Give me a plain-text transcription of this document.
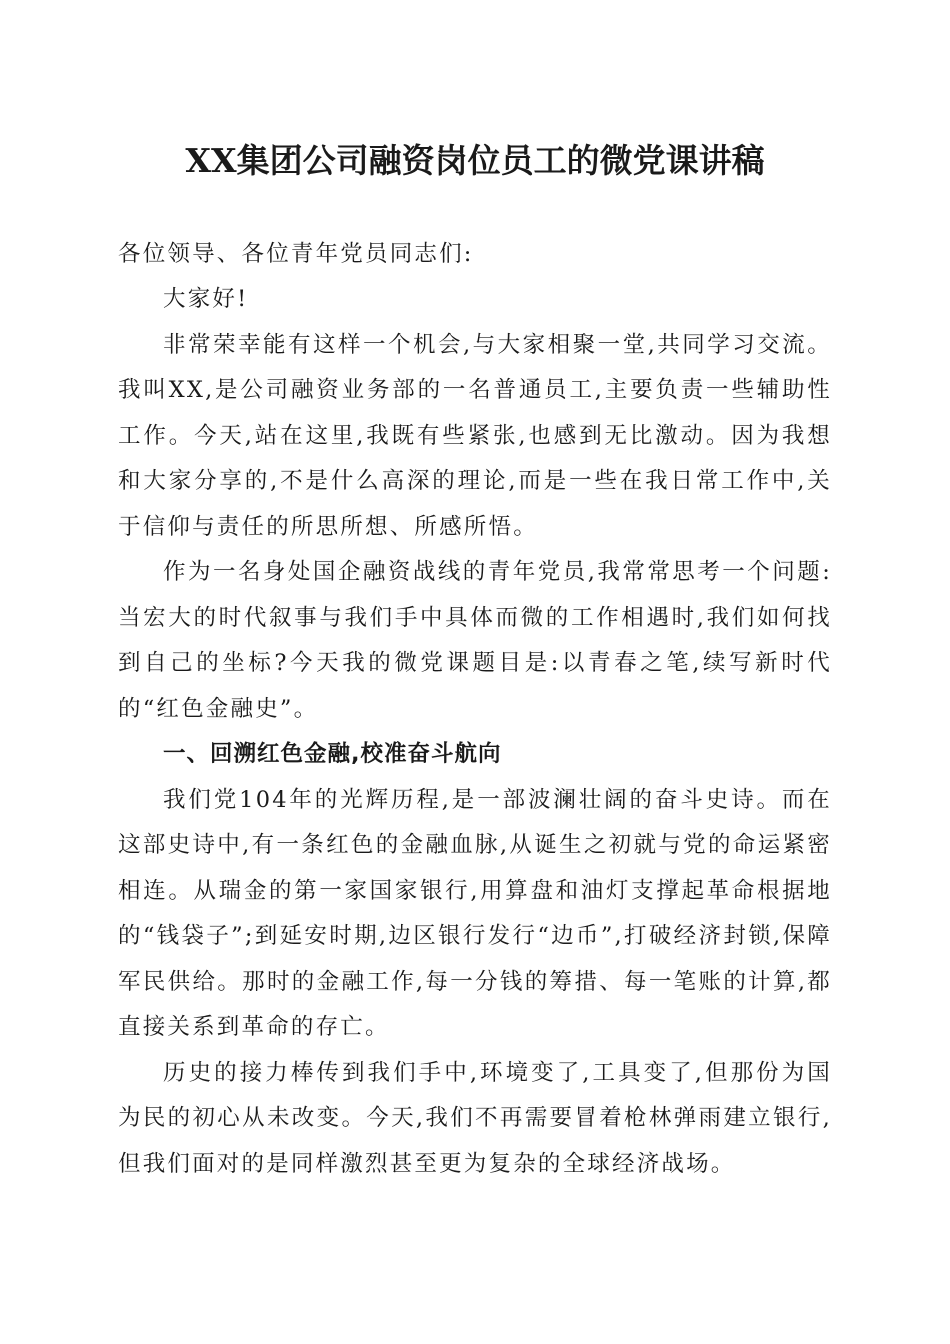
XX集团公司融资岗位员工的微党课讲稿

各位领导、各位青年党员同志们:

大家好!

非常荣幸能有这样一个机会,与大家相聚一堂,共同学习交流。我叫XX,是公司融资业务部的一名普通员工,主要负责一些辅助性工作。今天,站在这里,我既有些紧张,也感到无比激动。因为我想和大家分享的,不是什么高深的理论,而是一些在我日常工作中,关于信仰与责任的所思所想、所感所悟。

作为一名身处国企融资战线的青年党员,我常常思考一个问题:当宏大的时代叙事与我们手中具体而微的工作相遇时,我们如何找到自己的坐标?今天我的微党课题目是:以青春之笔,续写新时代的“红色金融史”。

一、回溯红色金融,校准奋斗航向

我们党104年的光辉历程,是一部波澜壮阔的奋斗史诗。而在这部史诗中,有一条红色的金融血脉,从诞生之初就与党的命运紧密相连。从瑞金的第一家国家银行,用算盘和油灯支撑起革命根据地的“钱袋子”;到延安时期,边区银行发行“边币”,打破经济封锁,保障军民供给。那时的金融工作,每一分钱的筹措、每一笔账的计算,都直接关系到革命的存亡。

历史的接力棒传到我们手中,环境变了,工具变了,但那份为国为民的初心从未改变。今天,我们不再需要冒着枪林弹雨建立银行,但我们面对的是同样激烈甚至更为复杂的全球经济战场。
